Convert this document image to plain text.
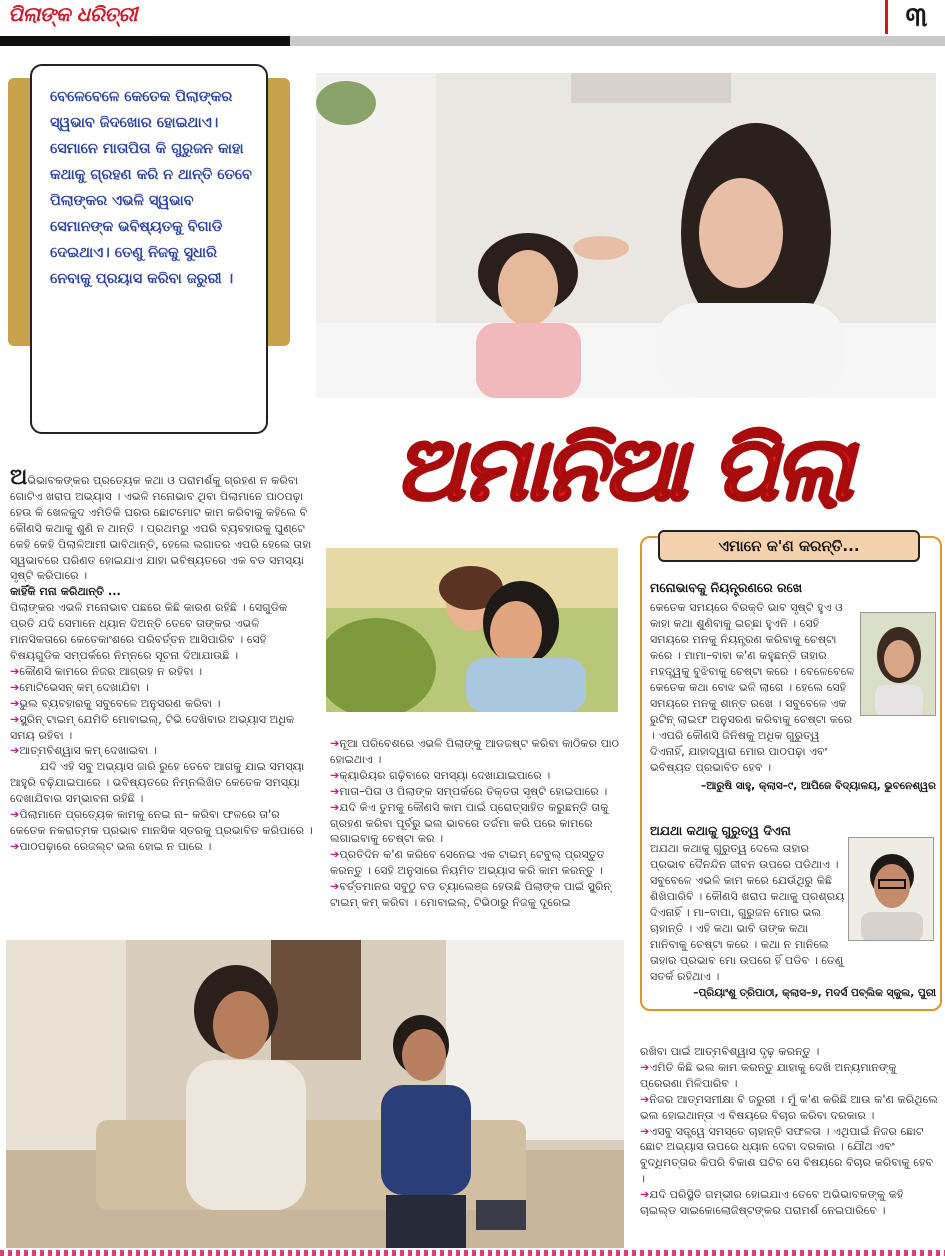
ପିଲାଙ୍କ ଧରିତ୍ରୀ	୩

ବେଳେବେଳେ କେତେକ ପିଲାଙ୍କର ସ୍ୱଭାବ ଜିଦଖୋର ହୋଇଥାଏ। ସେମାନେ ମାତାପିତା କି ଗୁରୁଜନ କାହା କଥାକୁ ଗ୍ରହଣ କରି ନ ଥାନ୍ତି ତେବେ ପିଲାଙ୍କର ଏଭଳି ସ୍ୱଭାବ ସେମାନଙ୍କ ଭବିଷ୍ୟତକୁ ବିଗାଡି ଦେଇଥାଏ। ତେଣୁ ନିଜକୁ ସୁଧାରି ନେବାକୁ ପ୍ରୟାସ କରିବା ଜରୁରୀ ।

ଅମାନିଆ ପିଲା

ଅଭିଭାବକଙ୍କର ପ୍ରତ୍ୟେକ କଥା ଓ ପରାମର୍ଶକୁ ଗ୍ରହଣ ନ କରିବା ଗୋଟିଏ ଖରାପ ଅଭ୍ୟାସ । ଏଭଳି ମନୋଭାବ ଥିବା ପିଲାମାନେ ପାଠପଢ଼ା ହେଉ କି ଖେଳକୁଦ ଏମିତିକି ଘରର ଛୋଟମୋଟ କାମ କରିବାକୁ କହିଲେ ବି କୌଣସି କଥାକୁ ଶୁଣି ନ ଥାନ୍ତି । ପ୍ରଥମରୁ ଏପରି ବ୍ୟବହାରକୁ ଘୁଣ୍ଟେ କେହି କେହି ପିଲାଳିଆମୀ ଭାବିଥାନ୍ତି, ହେଲେ ଲଗାତର ଏପରି ହେଲେ ତାହା ସ୍ୱଭାବରେ ପରିଣତ ହୋଇଯାଏ ଯାହା ଭବିଷ୍ୟତରେ ଏକ ବଡ ସମସ୍ୟା ସୃଷ୍ଟି କରିପାରେ ।

କାହିଁକି ମନା କରିଥାନ୍ତି ...

ପିଲାଙ୍କର ଏଭଳି ମନୋଭାବ ପଛରେ କିଛି କାରଣ ରହିଛି । ସେଗୁଡିକ ପ୍ରତି ଯଦି ସେମାନେ ଧ୍ୟାନ ଦିଅନ୍ତି ତେବେ ତାଙ୍କର ଏଭଳି ମାନସିକତାରେ କେତେକାଂଶରେ ପରିବର୍ତ୍ତନ ଆସିପାରିବ । ସେହି ବିଷୟଗୁଡିକ ସମ୍ପର୍କରେ ନିମ୍ନରେ ସୂଚନା ଦିଆଯାଉଛି ।

➔କୌଣସି କାମରେ ନିଜର ଆଗ୍ରହ ନ ରହିବା ।

➔ମୋଟିଭେସନ୍ କମ୍ ଦେଖାଯିବା ।

➔ଭୁଲ ବ୍ୟବହାରକୁ ସବୁବେଳେ ଅନୁସରଣ କରିବା ।

➔ସ୍କ୍ରିନ୍ ଟାଇମ୍ ଯେମିତି ମୋବାଇଲ୍, ଟିଭି ଦେଖିବାର ଅଭ୍ୟାସ ଅଧିକ ସମୟ ରହିବା ।

➔ଆତ୍ମବିଶ୍ୱାସ କମ୍ ଦେଖାଇବା ।

ଯଦି ଏହି ସବୁ ଅଭ୍ୟାସ ଜାରି ରୁହେ ତେବେ ଆଗକୁ ଯାଇ ସମସ୍ୟା ଆହୁରି ବଢ଼ିଯାଇପାରେ । ଭବିଷ୍ୟତରେ ନିମ୍ନଲିଖିତ କେତେକ ସମସ୍ୟା ଦେଖାଯିବାର ସମ୍ଭାବନା ରହିଛି ।

➔ପିଲାମାନେ ପ୍ରତ୍ୟେକ କାମକୁ ନେଇ ନା– କରିବା ଫଳରେ ତା'ର କେତେକ ନକରାତ୍ମକ ପ୍ରଭାବ ମାନସିକ ସ୍ତରକୁ ପ୍ରଭାବିତ କରିପାରେ ।

➔ପାଠପଢ଼ାରେ ରେଜଲ୍ଟ ଭଲ ହୋଇ ନ ପାରେ ।

➔ନୂଆ ପରିବେଶରେ ଏଭଳି ପିଲାଙ୍କୁ ଆଡଜଷ୍ଟ କରିବା କାଠିକର ପାଠ ହୋଇଥାଏ ।

➔କ୍ୟାରିୟର ଗଢ଼ିବାରେ ସମସ୍ୟା ଦେଖାଯାଇପାରେ ।

➔ମାତା–ପିତା ଓ ପିଲାଙ୍କ ସମ୍ପର୍କରେ ତିକ୍ତତା ସୃଷ୍ଟି ହୋଇପାରେ ।

➔ଯଦି କିଏ ତୁମକୁ କୌଣସି କାମ ପାଇଁ ପ୍ରୋତ୍ସାହିତ କରୁଛନ୍ତି ତାକୁ ଗ୍ରହଣ କରିବା ପୂର୍ବରୁ ଭଲ ଭାବରେ ତର୍ଜମା କରି ପରେ କାମରେ ଲଗାଇବାକୁ ଚେଷ୍ଟା କର ।

➔ପ୍ରତିଦିନ କ'ଣ କରିବେ ସେନେଇ ଏକ ଟାଇମ୍ ଟେବୁଲ୍ ପ୍ରସ୍ତୁତ କରନ୍ତୁ । ସେହି ଅନୁସାରେ ନିୟମିତ ଅଭ୍ୟାସ କରି କାମ କରନ୍ତୁ ।

➔ବର୍ତ୍ତମାନର ସବୁଠୁ ବଡ ଚ୍ୟାଲେଞ୍ଜ ହେଉଛି ପିଲାଙ୍କ ପାଇଁ ସ୍କ୍ରିନ୍ ଟାଇମ୍ କମ୍ କରିବା । ମୋବାଇଲ୍, ଟିଭିଠାରୁ ନିଜକୁ ଦୂରେଇ

ଏମାନେ କ'ଣ କରନ୍ତି...

ମନୋଭାବକୁ ନିୟନ୍ତ୍ରଣରେ ରଖେ

କେତେକ ସମୟରେ ବିରକ୍ତି ଭାବ ସୃଷ୍ଟି ହୁଏ ଓ କାହା କଥା ଶୁଣିବାକୁ ଇଚ୍ଛା ହୁଏନି । ସେହି ସମୟରେ ମନକୁ ନିୟନ୍ତ୍ରଣ କରିବାକୁ ଚେଷ୍ଟା କରେ । ମାମା–ବାବା କ'ଣ କହୁଛନ୍ତି ତାହାର ମହତ୍ତ୍ୱକୁ ବୁଝିବାକୁ ଚେଷ୍ଟା କରେ । ବେଳେବେଳେ କେତେକ କଥା ବୋଝ ଭଳି ଲାଗେ । ହେଲେ ସେହି ସମୟରେ ମନକୁ ଶାନ୍ତ ରଖେ । ସବୁବେଳେ ଏକ ରୁଟିନ୍ ଲାଇଫ ଅନୁସରଣ କରିବାକୁ ଚେଷ୍ଟା କରେ । ଏପରି କୌଣସି ଜିନିଷକୁ ଅଧିକ ଗୁରୁତ୍ୱ ଦିଏନାହିଁ, ଯାହାଦ୍ୱାରା ମୋର ପାଠପଢ଼ା ଏବଂ ଭବିଷ୍ୟତ ପ୍ରଭାବିତ ହେବ ।

–ଆରୁଷି ସାହୁ, କ୍ଲାସ–୯, ଆପିଜେ ବିଦ୍ୟାଳୟ, ଭୁବନେଶ୍ୱର

ଅଯଥା କଥାକୁ ଗୁରୁତ୍ୱ ଦିଏନା

ଅଯଥା କଥାକୁ ଗୁରୁତ୍ୱ ଦେଲେ ତାହାର ପ୍ରଭାବ ଦୈନନ୍ଦିନ ଜୀବନ ଉପରେ ପଡିଥାଏ । ସବୁବେଳେ ଏଭଳି କାମ କରେ ଯେଉଁଥିରୁ କିଛି ଶିଖିପାରିବି । କୌଣସି ଖରାପ କଥାକୁ ପ୍ରଶ୍ରୟ ଦିଏନାହିଁ । ମା–ବାପା, ଗୁରୁଜନ ମୋର ଭଲ ଚାହାନ୍ତି । ଏହି କଥା ଭାବି ତାଙ୍କ କଥା ମାନିବାକୁ ଚେଷ୍ଟା କରେ । କଥା ନ ମାନିଲେ ତାହାର ପ୍ରଭାବ ମୋ ଉପରେ ହିଁ ପଡିବ । ତେଣୁ ସତର୍କ ରହିଥାଏ ।

–ପ୍ରିୟାଂଶୁ ତ୍ରିପାଠୀ, କ୍ଲାସ–୭, ମଦର୍ସ ପବ୍ଲିକ ସ୍କୁଲ, ପୁରୀ

ରଖିବା ପାଇଁ ଆତ୍ମବିଶ୍ୱାସ ଦୃଢ଼ କରନ୍ତୁ ।

➔ଏମିତି କିଛି ଭଲ କାମ କରନ୍ତୁ ଯାହାକୁ ଦେଖି ଅନ୍ୟମାନଙ୍କୁ ପ୍ରେରଣା ମିଳିପାରିବ ।

➔ନିଜର ଆତ୍ମସମୀକ୍ଷା ବି ଜରୁରୀ । ମୁଁ କ'ଣ କରିଛି ଆଉ କ'ଣ କରିଥିଲେ ଭଲ ହୋଇଥାନ୍ତା ଏ ବିଷୟରେ ବିଚାର କରିବା ଦରକାର ।

➔ଏସବୁ ସତ୍ତ୍ୱେ ସମସ୍ତେ ଚାହାନ୍ତି ସଫଳତା । ଏଥିପାଇଁ ନିଜର ଛୋଟ ଛୋଟ ଅଭ୍ୟାସ ଉପରେ ଧ୍ୟାନ ଦେବା ଦରକାର । ଯୌଥ ଏବଂ ବୁଦ୍ଧିମତ୍ତାର କିପରି ବିକାଶ ଘଟିବ ସେ ବିଷୟରେ ବିଚାର କରିବାକୁ ହେବ ।

➔ଯଦି ପରିସ୍ଥିତି ଗମ୍ଭୀର ହୋଇଯାଏ ତେବେ ଅଭିଭାବକଙ୍କୁ କହି ଚାଇଲ୍ଡ ସାଇକୋଲୋଜିଷ୍ଟଙ୍କର ପରାମର୍ଶ ନେଇପାରିବେ ।
